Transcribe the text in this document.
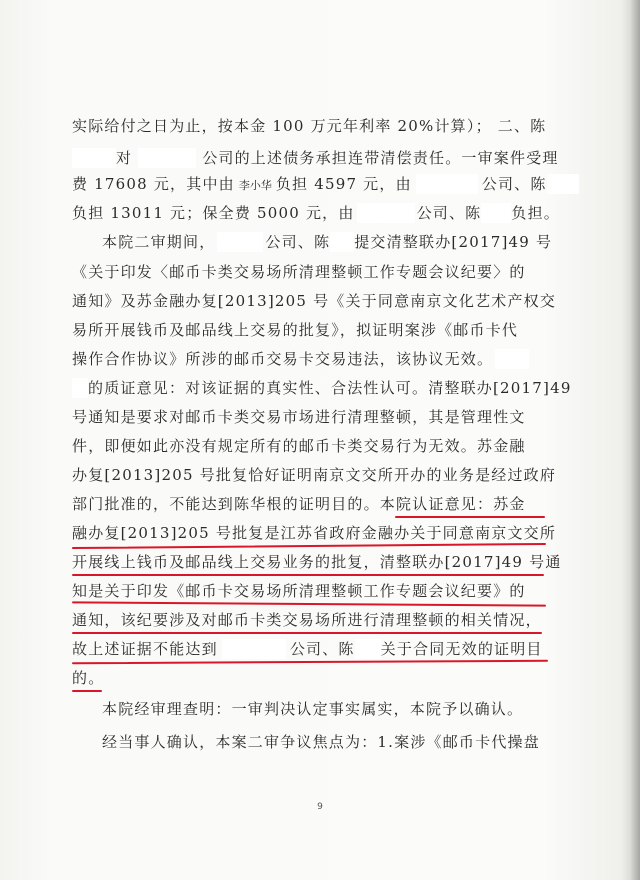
实际给付之日为止，按本金 100 万元年利率 20%计算）； 二、陈
对	公司的上述债务承担连带清偿责任。一审案件受理
费 17608 元，其中由 李小华 负担 4597 元，由	公司、陈
负担 13011 元；保全费 5000 元，由	公司、陈 负担。
本院二审期间，	公司、陈 提交清整联办[2017]49 号
《关于印发〈邮币卡类交易场所清理整顿工作专题会议纪要〉的
通知》及苏金融办复[2013]205 号《关于同意南京文化艺术产权交
易所开展钱币及邮品线上交易的批复》，拟证明案涉《邮币卡代
操作合作协议》所涉的邮币交易卡交易违法，该协议无效。
的质证意见：对该证据的真实性、合法性认可。清整联办[2017]49
号通知是要求对邮币卡类交易市场进行清理整顿，其是管理性文
件，即便如此亦没有规定所有的邮币卡类交易行为无效。苏金融
办复[2013]205 号批复恰好证明南京文交所开办的业务是经过政府
部门批准的，不能达到陈华根的证明目的。本院认证意见：苏金
融办复[2013]205 号批复是江苏省政府金融办关于同意南京文交所
开展线上钱币及邮品线上交易业务的批复，清整联办[2017]49 号通
知是关于印发《邮币卡交易场所清理整顿工作专题会议纪要》的
通知，该纪要涉及对邮币卡类交易场所进行清理整顿的相关情况，
故上述证据不能达到	公司、陈 关于合同无效的证明目
的。
本院经审理查明：一审判决认定事实属实，本院予以确认。
经当事人确认，本案二审争议焦点为：1.案涉《邮币卡代操盘
9
